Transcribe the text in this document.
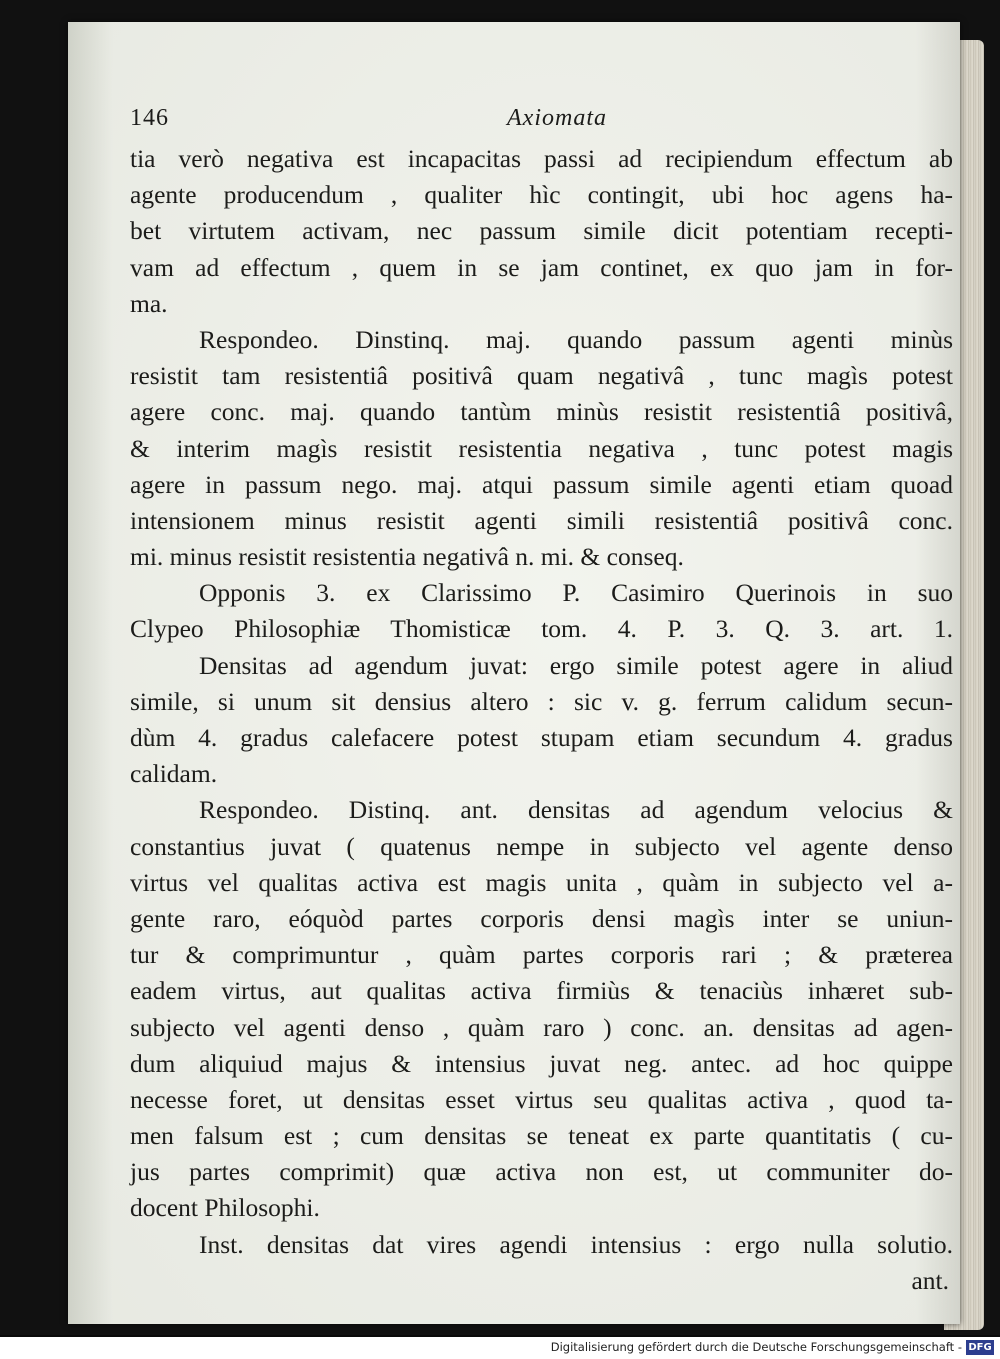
146	Axiomata
tia verò negativa est incapacitas passi ad recipiendum effectum ab
agente producendum , qualiter hìc contingit, ubi hoc agens ha-
bet virtutem activam, nec passum simile dicit potentiam recepti-
vam ad effectum , quem in se jam continet, ex quo jam in for-
ma.
Respondeo. Dinstinq. maj. quando passum agenti minùs
resistit tam resistentiâ positivâ quam negativâ , tunc magìs potest
agere conc. maj. quando tantùm minùs resistit resistentiâ positivâ,
& interim magìs resistit resistentia negativa , tunc potest magis
agere in passum nego. maj. atqui passum simile agenti etiam quoad
intensionem minus resistit agenti simili resistentiâ positivâ conc.
mi. minus resistit resistentia negativâ n. mi. & conseq.
Opponis 3. ex Clarissimo P. Casimiro Querinois in suo
Clypeo Philosophiæ Thomisticæ tom. 4. P. 3. Q. 3. art. 1.
Densitas ad agendum juvat: ergo simile potest agere in aliud
simile, si unum sit densius altero : sic v. g. ferrum calidum secun-
dùm 4. gradus calefacere potest stupam etiam secundum 4. gradus
calidam.
Respondeo. Distinq. ant. densitas ad agendum velocius &
constantius juvat ( quatenus nempe in subjecto vel agente denso
virtus vel qualitas activa est magis unita , quàm in subjecto vel a-
gente raro, eóquòd partes corporis densi magìs inter se uniun-
tur & comprimuntur , quàm partes corporis rari ; & præterea
eadem virtus, aut qualitas activa firmiùs & tenaciùs inhæret sub-
subjecto vel agenti denso , quàm raro ) conc. an. densitas ad agen-
dum aliquiud majus & intensius juvat neg. antec. ad hoc quippe
necesse foret, ut densitas esset virtus seu qualitas activa , quod ta-
men falsum est ; cum densitas se teneat ex parte quantitatis ( cu-
jus partes comprimit) quæ activa non est, ut communiter do-
docent Philosophi.
Inst. densitas dat vires agendi intensius : ergo nulla solutio.
ant.
Digitalisierung gefördert durch die Deutsche Forschungsgemeinschaft - DFG
